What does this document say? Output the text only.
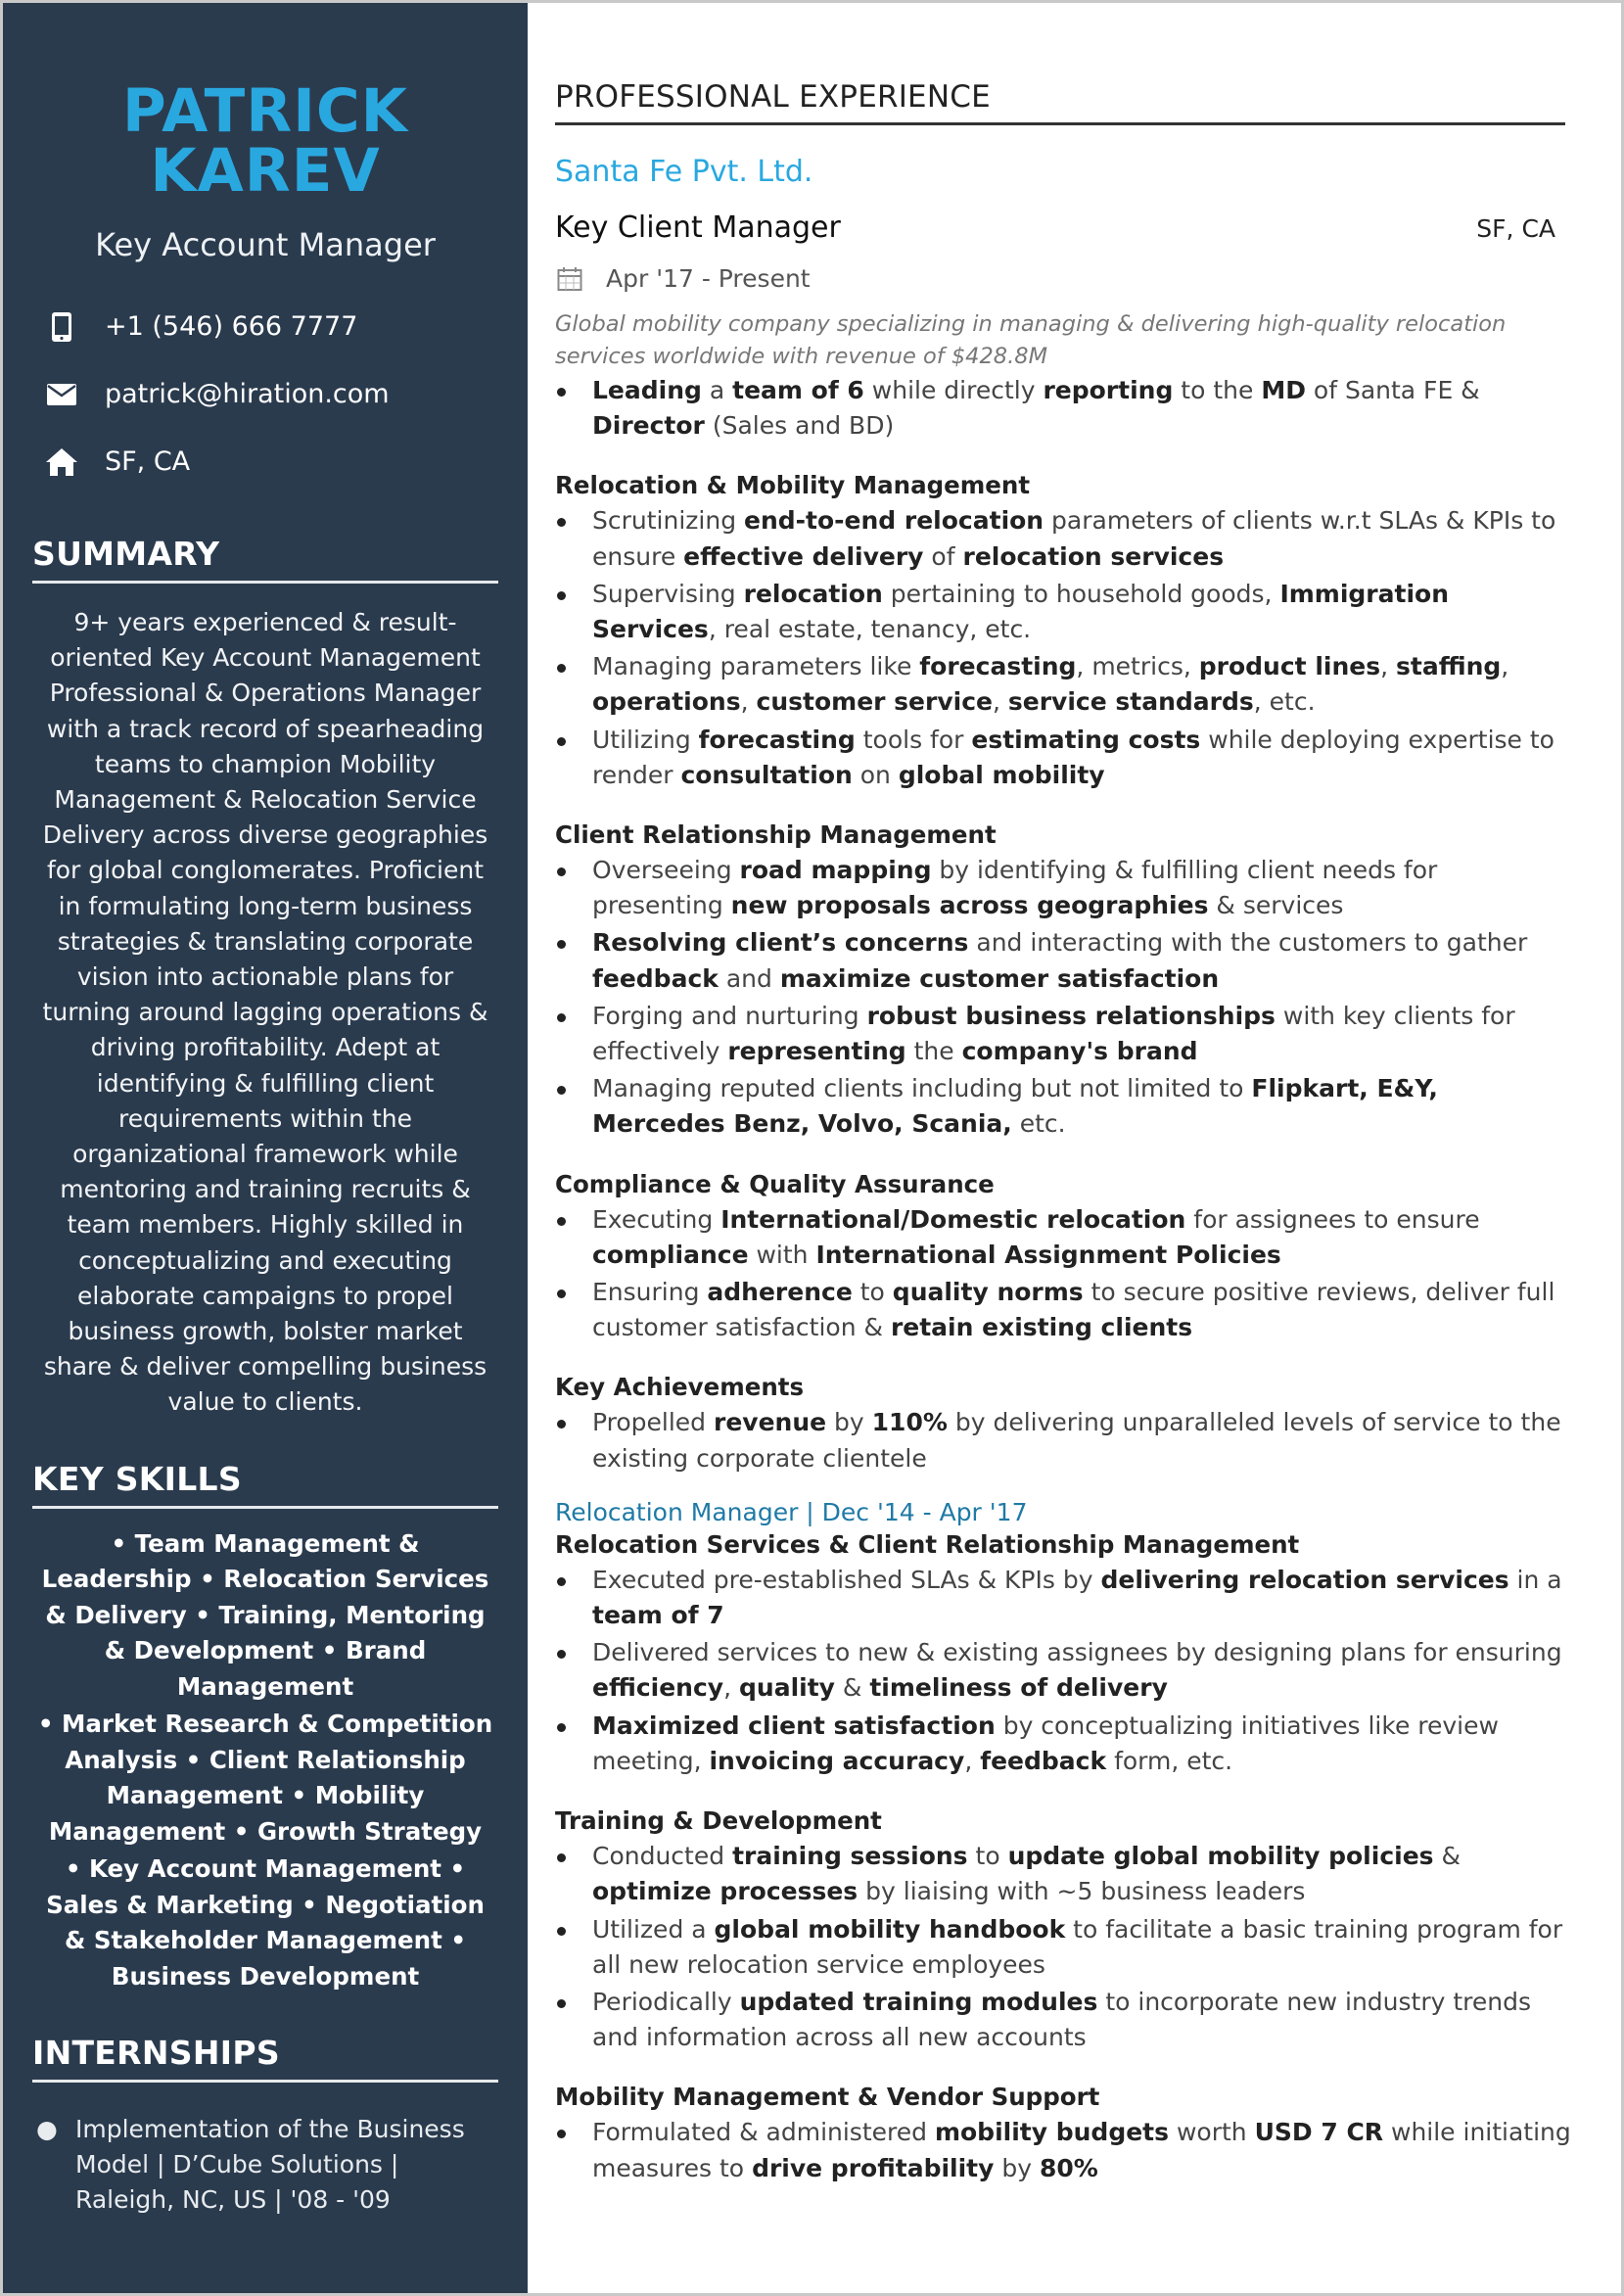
PATRICK KAREV
Key Account Manager
+1 (546) 666 7777
patrick@hiration.com
SF, CA
SUMMARY
9+ years experienced & result-oriented Key Account Management Professional & Operations Manager with a track record of spearheading teams to champion Mobility Management & Relocation Service Delivery across diverse geographies for global conglomerates. Proficient in formulating long-term business strategies & translating corporate vision into actionable plans for turning around lagging operations & driving profitability. Adept at identifying & fulfilling client requirements within the organizational framework while mentoring and training recruits & team members. Highly skilled in conceptualizing and executing elaborate campaigns to propel business growth, bolster market share & deliver compelling business value to clients.
KEY SKILLS

• Team Management & Leadership • Relocation Services & Delivery • Training, Mentoring & Development • Brand Management

• Market Research & Competition Analysis • Client Relationship Management • Mobility Management • Growth Strategy

• Key Account Management • Sales & Marketing • Negotiation & Stakeholder Management • Business Development

INTERNSHIPS
● Implementation of the Business Model | D’Cube Solutions | Raleigh, NC, US | '08 - '09
PROFESSIONAL EXPERIENCE
Santa Fe Pvt. Ltd.
Key Client Manager	SF, CA
Apr '17 - Present
Global mobility company specializing in managing & delivering high-quality relocation services worldwide with revenue of $428.8M
Leading a team of 6 while directly reporting to the MD of Santa FE & Director (Sales and BD)
Relocation & Mobility Management
Scrutinizing end-to-end relocation parameters of clients w.r.t SLAs & KPIs to ensure effective delivery of relocation services
Supervising relocation pertaining to household goods, Immigration Services, real estate, tenancy, etc.
Managing parameters like forecasting, metrics, product lines, staffing, operations, customer service, service standards, etc.
Utilizing forecasting tools for estimating costs while deploying expertise to render consultation on global mobility
Client Relationship Management
Overseeing road mapping by identifying & fulfilling client needs for presenting new proposals across geographies & services
Resolving client’s concerns and interacting with the customers to gather feedback and maximize customer satisfaction
Forging and nurturing robust business relationships with key clients for effectively representing the company's brand
Managing reputed clients including but not limited to Flipkart, E&Y, Mercedes Benz, Volvo, Scania, etc.
Compliance & Quality Assurance
Executing International/Domestic relocation for assignees to ensure compliance with International Assignment Policies
Ensuring adherence to quality norms to secure positive reviews, deliver full customer satisfaction & retain existing clients
Key Achievements
Propelled revenue by 110% by delivering unparalleled levels of service to the existing corporate clientele
Relocation Manager | Dec '14 - Apr '17
Relocation Services & Client Relationship Management
Executed pre-established SLAs & KPIs by delivering relocation services in a team of 7
Delivered services to new & existing assignees by designing plans for ensuring efficiency, quality & timeliness of delivery
Maximized client satisfaction by conceptualizing initiatives like review meeting, invoicing accuracy, feedback form, etc.
Training & Development
Conducted training sessions to update global mobility policies & optimize processes by liaising with ~5 business leaders
Utilized a global mobility handbook to facilitate a basic training program for all new relocation service employees
Periodically updated training modules to incorporate new industry trends and information across all new accounts
Mobility Management & Vendor Support
Formulated & administered mobility budgets worth USD 7 CR while initiating measures to drive profitability by 80%
